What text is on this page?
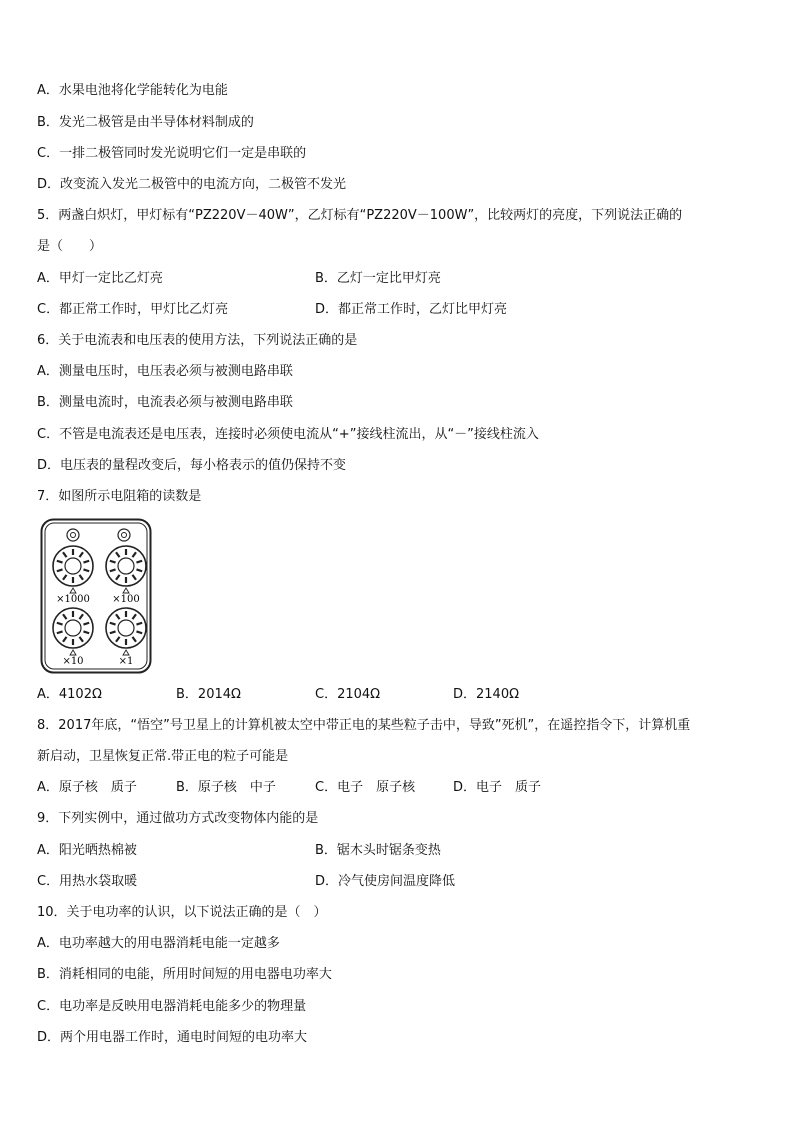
A．水果电池将化学能转化为电能
B．发光二极管是由半导体材料制成的
C．一排二极管同时发光说明它们一定是串联的
D．改变流入发光二极管中的电流方向，二极管不发光
5．两盏白炽灯，甲灯标有“PZ220V－40W”，乙灯标有“PZ220V－100W”，比较两灯的亮度，下列说法正确的
是（　　）
A．甲灯一定比乙灯亮	B．乙灯一定比甲灯亮
C．都正常工作时，甲灯比乙灯亮	D．都正常工作时，乙灯比甲灯亮
6．关于电流表和电压表的使用方法，下列说法正确的是
A．测量电压时，电压表必须与被测电路串联
B．测量电流时，电流表必须与被测电路串联
C．不管是电流表还是电压表，连接时必须使电流从“+”接线柱流出，从“－”接线柱流入
D．电压表的量程改变后，每小格表示的值仍保持不变
7．如图所示电阻箱的读数是
×1000 ×100
×10	×1
A．4102Ω	B．2014Ω	C．2104Ω	D．2140Ω
8．2017年底，“悟空”号卫星上的计算机被太空中带正电的某些粒子击中，导致”死机”，在遥控指令下，计算机重
新启动，卫星恢复正常.带正电的粒子可能是
A．原子核　质子	B．原子核　中子	C．电子　原子核	D．电子　质子
9．下列实例中，通过做功方式改变物体内能的是
A．阳光晒热棉被	B．锯木头时锯条变热
C．用热水袋取暖	D．冷气使房间温度降低
10．关于电功率的认识，以下说法正确的是（　）
A．电功率越大的用电器消耗电能一定越多
B．消耗相同的电能，所用时间短的用电器电功率大
C．电功率是反映用电器消耗电能多少的物理量
D．两个用电器工作时，通电时间短的电功率大
